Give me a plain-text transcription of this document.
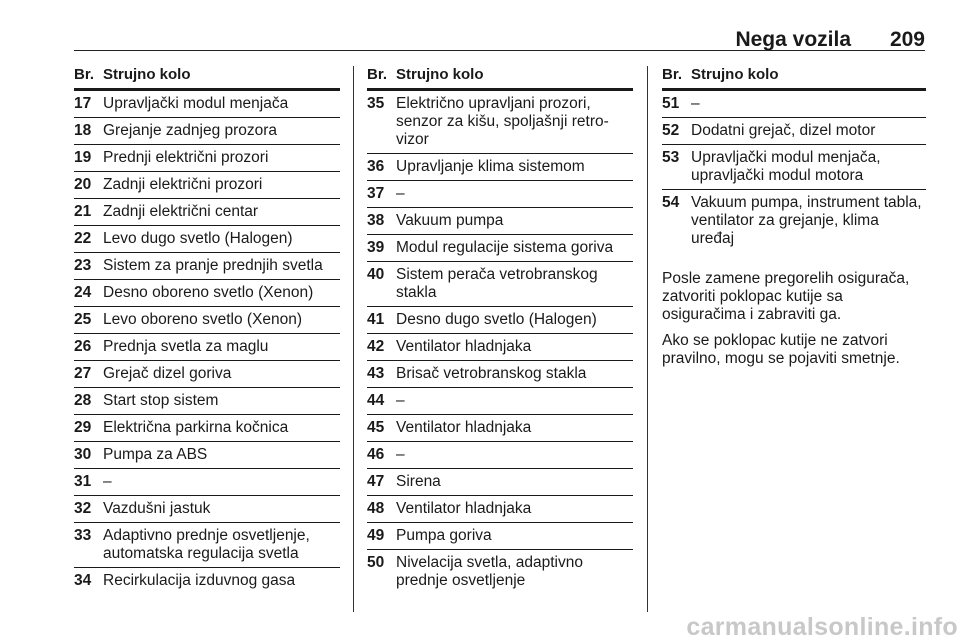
Nega vozila 209
Br. Strujno kolo
17 Upravljački modul menjača
18 Grejanje zadnjeg prozora
19 Prednji električni prozori
20 Zadnji električni prozori
21 Zadnji električni centar
22 Levo dugo svetlo (Halogen)
23 Sistem za pranje prednjih svetla
24 Desno oboreno svetlo (Xenon)
25 Levo oboreno svetlo (Xenon)
26 Prednja svetla za maglu
27 Grejač dizel goriva
28 Start stop sistem
29 Električna parkirna kočnica
30 Pumpa za ABS
31 –
32 Vazdušni jastuk
33 Adaptivno prednje osvetljenje, automatska regulacija svetla
34 Recirkulacija izduvnog gasa
Br. Strujno kolo
35 Električno upravljani prozori, senzor za kišu, spoljašnji retro-vizor
36 Upravljanje klima sistemom
37 –
38 Vakuum pumpa
39 Modul regulacije sistema goriva
40 Sistem perača vetrobranskog stakla
41 Desno dugo svetlo (Halogen)
42 Ventilator hladnjaka
43 Brisač vetrobranskog stakla
44 –
45 Ventilator hladnjaka
46 –
47 Sirena
48 Ventilator hladnjaka
49 Pumpa goriva
50 Nivelacija svetla, adaptivno prednje osvetljenje
Br. Strujno kolo
51 –
52 Dodatni grejač, dizel motor
53 Upravljački modul menjača, upravljački modul motora
54 Vakuum pumpa, instrument tabla, ventilator za grejanje, klima uređaj

Posle zamene pregorelih osigurača, zatvoriti poklopac kutije sa osiguračima i zabraviti ga.

Ako se poklopac kutije ne zatvori pravilno, mogu se pojaviti smetnje.

carmanualsonline.info
